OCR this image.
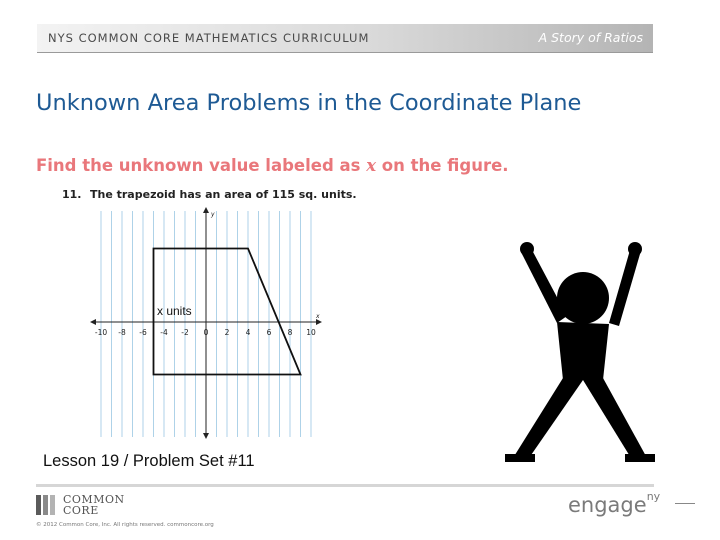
NYS COMMON CORE MATHEMATICS CURRICULUM	A Story of Ratios
Unknown Area Problems in the Coordinate Plane
Find the unknown value labeled as x on the figure.
11. The trapezoid has an area of 115 sq. units.
-10 -8 -6 -4 -2 0 2 4 6 8 10
x
y
x units
Lesson 19 / Problem Set #11
COMMON
CORE
© 2012 Common Core, Inc. All rights reserved. commoncore.org
engage$^{ny}$
